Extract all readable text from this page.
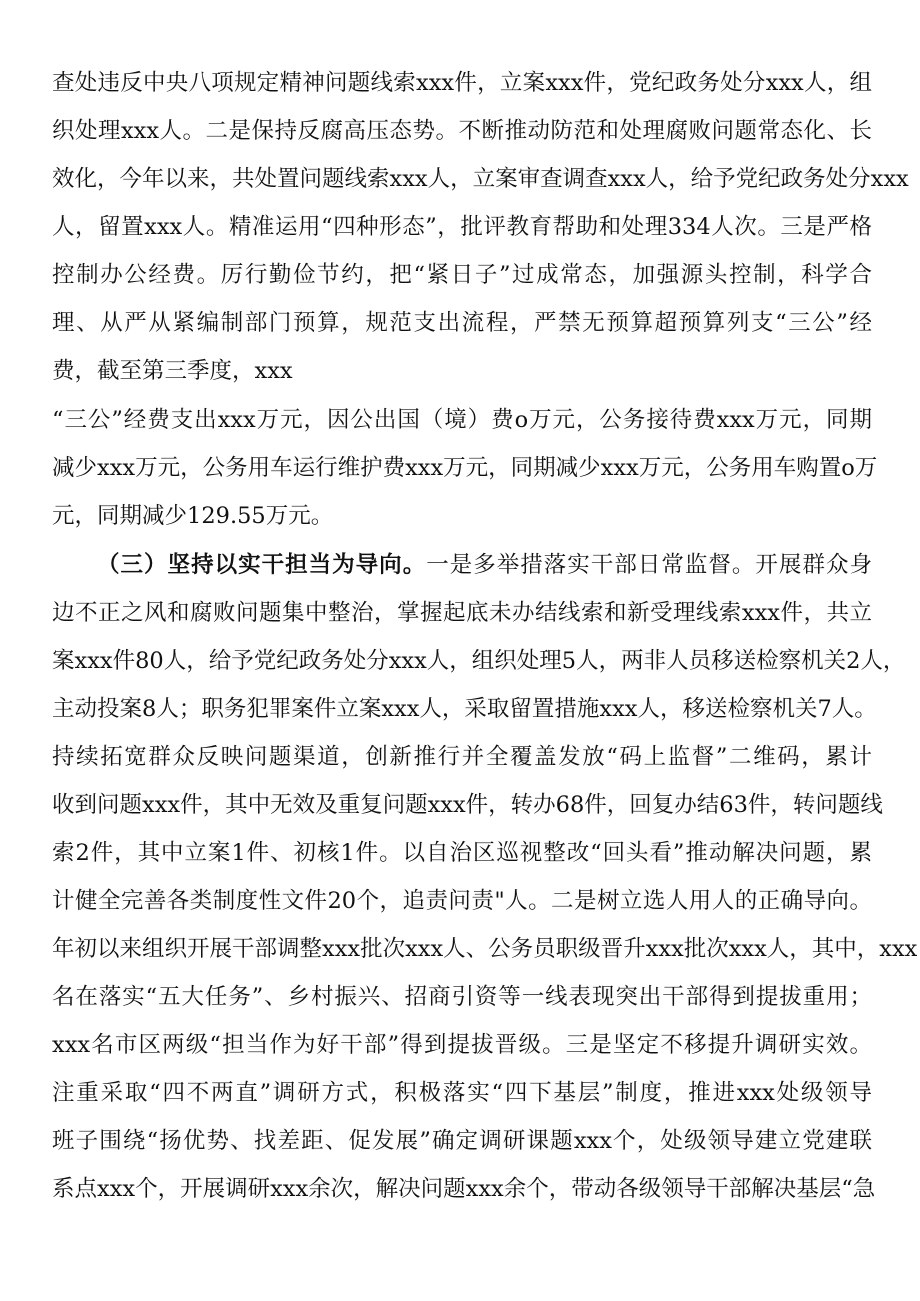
查处违反中央八项规定精神问题线索xxx件，立案xxx件，党纪政务处分xxx人，组
织处理xxx人。二是保持反腐高压态势。不断推动防范和处理腐败问题常态化、长
效化，今年以来，共处置问题线索xxx人，立案审查调查xxx人，给予党纪政务处分xxx
人，留置xxx人。精准运用“四种形态”，批评教育帮助和处理334人次。三是严格
控制办公经费。厉行勤俭节约，把“紧日子”过成常态，加强源头控制，科学合
理、从严从紧编制部门预算，规范支出流程，严禁无预算超预算列支“三公”经
费，截至第三季度，xxx
“三公”经费支出xxx万元，因公出国（境）费o万元，公务接待费xxx万元，同期
减少xxx万元，公务用车运行维护费xxx万元，同期减少xxx万元，公务用车购置o万
元，同期减少129.55万元。
（三）坚持以实干担当为导向。一是多举措落实干部日常监督。开展群众身
边不正之风和腐败问题集中整治，掌握起底未办结线索和新受理线索xxx件，共立
案xxx件80人，给予党纪政务处分xxx人，组织处理5人，两非人员移送检察机关2人，
主动投案8人；职务犯罪案件立案xxx人，采取留置措施xxx人，移送检察机关7人。
持续拓宽群众反映问题渠道，创新推行并全覆盖发放“码上监督”二维码，累计
收到问题xxx件，其中无效及重复问题xxx件，转办68件，回复办结63件，转问题线
索2件，其中立案1件、初核1件。以自治区巡视整改“回头看”推动解决问题，累
计健全完善各类制度性文件20个，追责问责"人。二是树立选人用人的正确导向。
年初以来组织开展干部调整xxx批次xxx人、公务员职级晋升xxx批次xxx人，其中，xxx
名在落实“五大任务”、乡村振兴、招商引资等一线表现突出干部得到提拔重用；
xxx名市区两级“担当作为好干部”得到提拔晋级。三是坚定不移提升调研实效。
注重采取“四不两直”调研方式，积极落实“四下基层”制度，推进xxx处级领导
班子围绕“扬优势、找差距、促发展”确定调研课题xxx个，处级领导建立党建联
系点xxx个，开展调研xxx余次，解决问题xxx余个，带动各级领导干部解决基层“急
